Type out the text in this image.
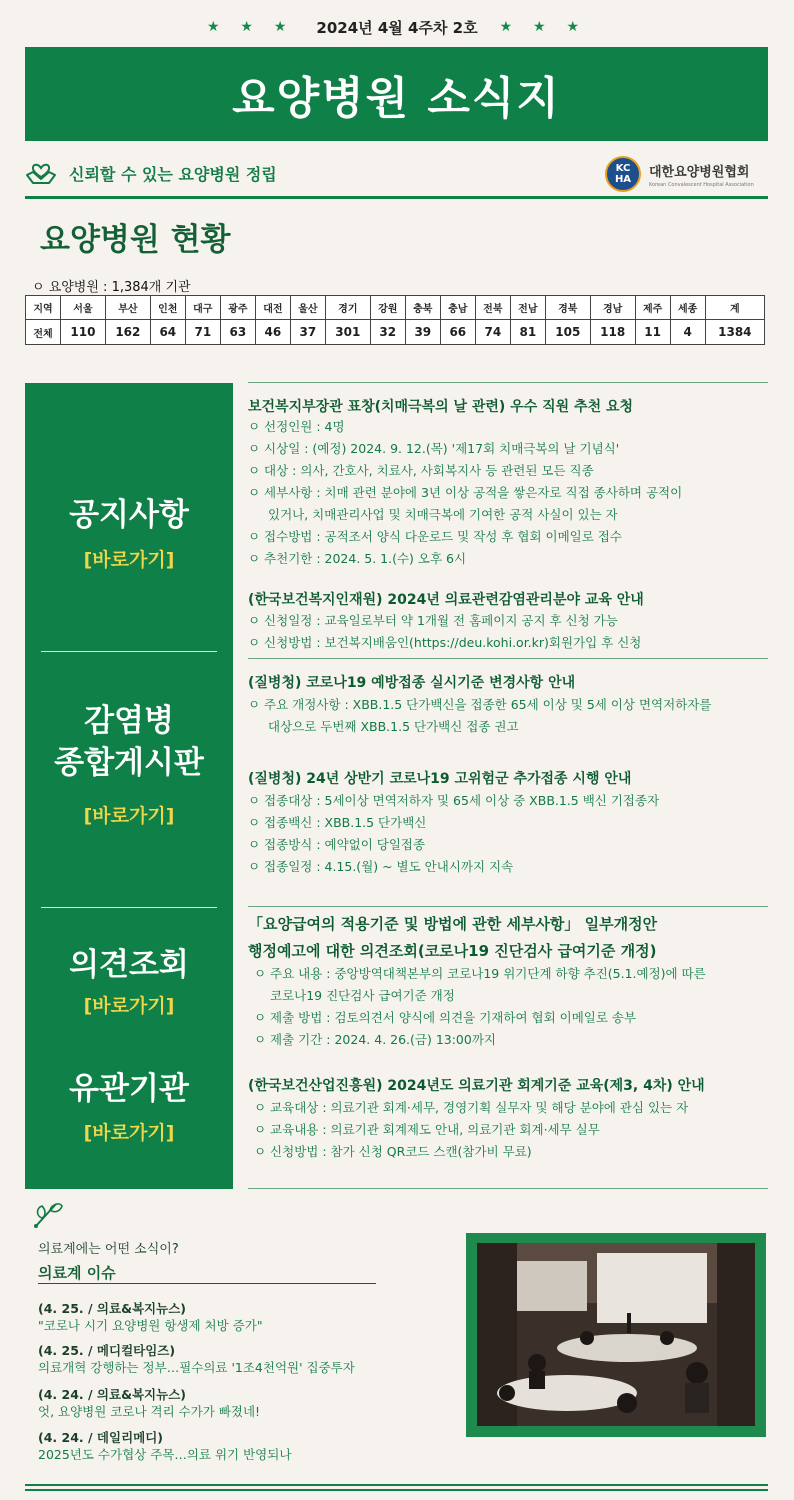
★ ★ ★ 2024년 4월 4주차 2호 ★ ★ ★
요양병원 소식지
신뢰할 수 있는 요양병원 정립	KC
HA 대한요양병원협회
Korean Convalescent Hospital Association
요양병원 현황
ㅇ 요양병원 : 1,384개 기관
지역	서울	부산	인천	대구	광주	대전	울산	경기	강원	충북	충남	전북	전남	경북	경남	제주	세종	계
전체	110	162	64	71	63	46	37	301	32	39	66	74	81	105	118	11	4	1384
공지사항
[바로가기]
감염병
종합게시판
[바로가기]
의견조회
[바로가기]
유관기관
[바로가기]
보건복지부장관 표창(치매극복의 날 관련) 우수 직원 추천 요청
ㅇ 선정인원 : 4명
ㅇ 시상일 : (예정) 2024. 9. 12.(목) '제17회 치매극복의 날 기념식'
ㅇ 대상 : 의사, 간호사, 치료사, 사회복지사 등 관련된 모든 직종
ㅇ 세부사항 : 치매 관련 분야에 3년 이상 공적을 쌓은자로 직접 종사하며 공적이
있거나, 치매관리사업 및 치매극복에 기여한 공적 사실이 있는 자
ㅇ 접수방법 : 공적조서 양식 다운로드 및 작성 후 협회 이메일로 접수
ㅇ 추천기한 : 2024. 5. 1.(수) 오후 6시
(한국보건복지인재원) 2024년 의료관련감염관리분야 교육 안내
ㅇ 신청일정 : 교육일로부터 약 1개월 전 홈페이지 공지 후 신청 가능
ㅇ 신청방법 : 보건복지배움인(https://deu.kohi.or.kr)회원가입 후 신청
(질병청) 코로나19 예방접종 실시기준 변경사항 안내
ㅇ 주요 개정사항 : XBB.1.5 단가백신을 접종한 65세 이상 및 5세 이상 면역저하자를
대상으로 두번째 XBB.1.5 단가백신 접종 권고
(질병청) 24년 상반기 코로나19 고위험군 추가접종 시행 안내
ㅇ 접종대상 : 5세이상 면역저하자 및 65세 이상 중 XBB.1.5 백신 기접종자
ㅇ 접종백신 : XBB.1.5 단가백신
ㅇ 접종방식 : 예약없이 당일접종
ㅇ 접종일정 : 4.15.(월) ~ 별도 안내시까지 지속
「요양급여의 적용기준 및 방법에 관한 세부사항」 일부개정안
행정예고에 대한 의견조회(코로나19 진단검사 급여기준 개정)
ㅇ 주요 내용 : 중앙방역대책본부의 코로나19 위기단계 하향 추진(5.1.예정)에 따른
코로나19 진단검사 급여기준 개정
ㅇ 제출 방법 : 검토의견서 양식에 의견을 기재하여 협회 이메일로 송부
ㅇ 제출 기간 : 2024. 4. 26.(금) 13:00까지
(한국보건산업진흥원) 2024년도 의료기관 회계기준 교육(제3, 4차) 안내
ㅇ 교육대상 : 의료기관 회계·세무, 경영기획 실무자 및 해당 분야에 관심 있는 자
ㅇ 교육내용 : 의료기관 회계제도 안내, 의료기관 회계·세무 실무
ㅇ 신청방법 : 참가 신청 QR코드 스캔(참가비 무료)
의료계에는 어떤 소식이?
의료계 이슈
(4. 25. / 의료&복지뉴스)
"코로나 시기 요양병원 항생제 처방 증가"
(4. 25. / 메디컬타임즈)
의료개혁 강행하는 정부…필수의료 '1조4천억원' 집중투자
(4. 24. / 의료&복지뉴스)
엇, 요양병원 코로나 격리 수가가 빠졌네!
(4. 24. / 데일리메디)
2025년도 수가협상 주목…의료 위기 반영되나
